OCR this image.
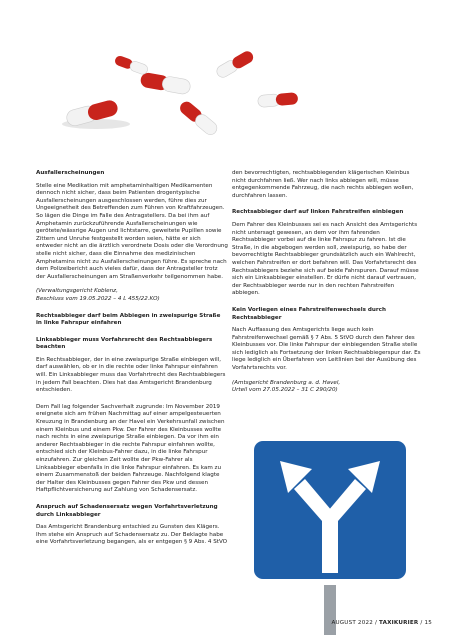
Ausfallerscheinungen
Stelle eine Medikation mit amphetaminhaltigen Medikamenten dennoch nicht sicher, dass beim Patienten drogentypische Ausfallerscheinungen ausgeschlossen werden, führe dies zur Ungeeignetheit des Betreffenden zum Führen von Kraftfahrzeugen. So lägen die Dinge im Falle des Antragstellers. Da bei ihm auf Amphetamin zurückzuführende Ausfallerscheinungen wie gerötete/wässrige Augen und lichtstarre, geweitete Pupillen sowie Zittern und Unruhe festgestellt worden seien, hätte er sich entweder nicht an die ärztlich verordnete Dosis oder die Verordnung stelle nicht sicher, dass die Einnahme des medizinischen Amphetamins nicht zu Ausfallerscheinungen führe. Es spreche nach dem Polizeibericht auch vieles dafür, dass der Antragsteller trotz der Ausfallerscheinungen am Straßenverkehr teilgenommen habe.
(Verwaltungsgericht Koblenz,
Beschluss vom 19.05.2022 – 4 L 455/22.KO)
Rechtsabbieger darf beim Abbiegen in zweispurige Straße in linke Fahrspur einfahren
Linksabbieger muss Vorfahrsrecht des Rechtsabbiegers beachten
Ein Rechtsabbieger, der in eine zweispurige Straße einbiegen will, darf auswählen, ob er in die rechte oder linke Fahrspur einfahren will. Ein Linksabbieger muss das Vorfahrtrecht des Rechtsabbiegers in jedem Fall beachten. Dies hat das Amtsgericht Brandenburg entschieden.
Dem Fall lag folgender Sachverhalt zugrunde: Im November 2019 ereignete sich am frühen Nachmittag auf einer ampelgesteuerten Kreuzung in Brandenburg an der Havel ein Verkehrsunfall zwischen einem Kleinbus und einem Pkw. Der Fahrer des Kleinbusses wollte nach rechts in eine zweispurige Straße einbiegen. Da vor ihm ein anderer Rechtsabbieger in die rechte Fahrspur einfahren wollte, entschied sich der Kleinbus-Fahrer dazu, in die linke Fahrspur einzufahren. Zur gleichen Zeit wollte der Pkw-Fahrer als Linksabbieger ebenfalls in die linke Fahrspur einfahren. Es kam zu einem Zusammenstoß der beiden Fahrzeuge. Nachfolgend klagte der Halter des Kleinbusses gegen Fahrer des Pkw und dessen Haftpflichtversicherung auf Zahlung von Schadensersatz.
Anspruch auf Schadensersatz wegen Vorfahrtsverletzung durch Linksabbieger
Das Amtsgericht Brandenburg entschied zu Gunsten des Klägers. Ihm stehe ein Anspruch auf Schadensersatz zu. Der Beklagte habe eine Vorfahrtsverletzung begangen, als er entgegen § 9 Abs. 4 StVO
den bevorrechtigten, rechtsabbiegenden klägerischen Kleinbus nicht durchfahren ließ. Wer nach links abbiegen will, müsse entgegenkommende Fahrzeug, die nach rechts abbiegen wollen, durchfahren lassen.
Rechtsabbieger darf auf linken Fahrstreifen einbiegen
Dem Fahrer des Kleinbusses sei es nach Ansicht des Amtsgerichts nicht untersagt gewesen, an dem vor ihm fahrenden Rechtsabbieger vorbei auf die linke Fahrspur zu fahren. Ist die Straße, in die abgebogen werden soll, zweispurig, so habe der bevorrechtigte Rechtsabbieger grundsätzlich auch ein Wahlrecht, welchen Fahrstreifen er dort befahren will. Das Vorfahrtsrecht des Rechtsabbiegers beziehe sich auf beide Fahrspuren. Darauf müsse sich ein Linksabbieger einstellen. Er dürfe nicht darauf vertrauen, der Rechtsabbieger werde nur in den rechten Fahrstreifen abbiegen.
Kein Vorliegen eines Fahrstreifenwechsels durch Rechtsabbieger
Nach Auffassung des Amtsgerichts liege auch kein Fahrstreifenwechsel gemäß § 7 Abs. 5 StVO durch den Fahrer des Kleinbusses vor. Die linke Fahrspur der einbiegenden Straße stelle sich lediglich als Fortsetzung der linken Rechtsabbiegerspur dar. Es liege lediglich ein Überfahren von Leitlinien bei der Ausübung des Vorfahrtsrechts vor.
(Amtsgericht Brandenburg a. d. Havel,
Urteil vom 27.05.2022 – 31 C 290/20)
AUGUST 2022 / TAXIKURIER / 15
